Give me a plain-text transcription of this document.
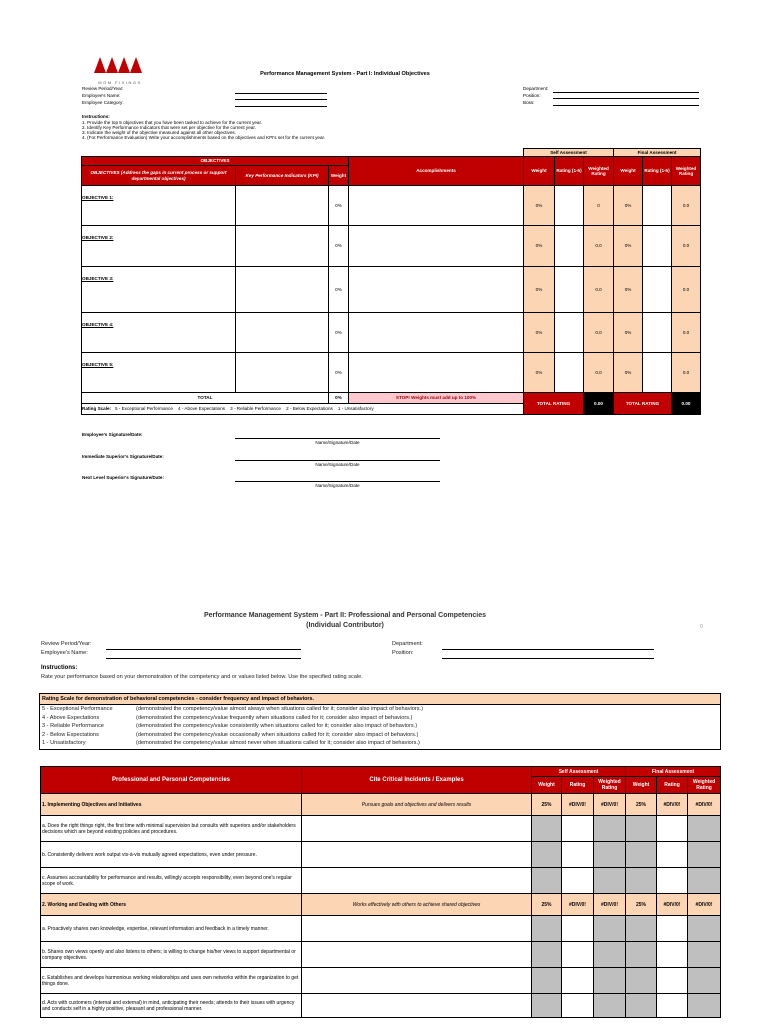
MGM FIXINGS
Performance Management System - Part I: Individual Objectives
Review Period/Year:
Employee's Name:
Employee Category:
Department:
Position:
Boss:
Instructions:
1. Provide the top 5 objectives that you have been tasked to achieve for the current year.
2. Identify Key Performance Indicators that were set per objective for the current year.
3. Indicate the weight of the objective measured against all other objectives.
4. (For Performance Evaluation) Write your accomplishments based on the objectives and KPI's set for the current year.
				Self Assessment			Final Assessment		
OBJECTIVES			Accomplishments	Weight	Rating (1-5)	Weighted Rating	Weight	Rating (1-5)	Weighted Rating
OBJECTIVES (Address the gaps in current process or support departmental objectives)	Key Performance Indicators (KPI)	Weight							
OBJECTIVE 1:		0%		0%		0	0%		0.0
OBJECTIVE 2:		0%		0%		0.0	0%		0.0
OBJECTIVE 3:		0%		0%		0.0	0%		0.0
OBJECTIVE 4:		0%		0%		0.0	0%		0.0
OBJECTIVE 5:		0%		0%		0.0	0%		0.0
TOTAL		0%	STOP! Weights must add up to 100%	TOTAL RATING		0.00	TOTAL RATING		0.00
Rating Scale: 5 - Exceptional Performance 4 - Above Expectations 3 - Reliable Performance 2 - Below Expectations 1 - Unsatisfactory									
Employee's Signature/Date:
Name/Signature/Date
Immediate Superior's Signature/Date:
Name/Signature/Date
Next Level Superior's Signature/Date:
Name/Signature/Date
Performance Management System - Part II: Professional and Personal Competencies
(Individual Contributor)	0
Review Period/Year:
Employee's Name:
Department:
Position:
Instructions:
Rate your performance based on your demonstration of the competency and or values listed below. Use the specified rating scale.
Rating Scale for demonstration of behavioral competencies - consider frequency and impact of behaviors.
5 - Exceptional Performance	(demonstrated the competency/value almost always when situations called for it; consider also impact of behaviors.)
4 - Above Expectations	(demonstrated the competency/value frequently when situations called for it; consider also impact of behaviors.)
3 - Reliable Performance	(demonstrated the competency/value consistently when situations called for it; consider also impact of behaviors.)
2 - Below Expectations	(demonstrated the competency/value occasionally when situations called for it; consider also impact of behaviors.)
1 - Unsatisfactory	(demonstrated the competency/value almost never when situations called for it; consider also impact of behaviors.)
Professional and Personal Competencies	Cite Critical Incidents / Examples	Self Assessment			Final Assessment		
		Weight	Rating	Weighted Rating	Weight	Rating	Weighted Rating
1. Implementing Objectives and Initiatives	Pursues goals and objectives and delivers results	25%	#DIV/0!	#DIV/0!	25%	#DIV/0!	#DIV/0!
a. Does the right things right, the first time with minimal supervision but consults with superiors and/or stakeholders decisions which are beyond existing policies and procedures.							
b. Consistently delivers work output vis-à-vis mutually agreed expectations, even under pressure.							
c. Assumes accountability for performance and results, willingly accepts responsibility, even beyond one's regular scope of work.							
2. Working and Dealing with Others	Works effectively with others to achieve shared objectives	25%	#DIV/0!	#DIV/0!	25%	#DIV/0!	#DIV/0!
a. Proactively shares own knowledge, expertise, relevant information and feedback in a timely manner.							
b. Shares own views openly and also listens to others; is willing to change his/her views to support departmental or company objectives.							
c. Establishes and develops harmonious working relationships and uses own networks within the organization to get things done.							
d. Acts with customers (internal and external) in mind, anticipating their needs; attends to their issues with urgency and conducts self in a highly positive, pleasant and professional manner.							
